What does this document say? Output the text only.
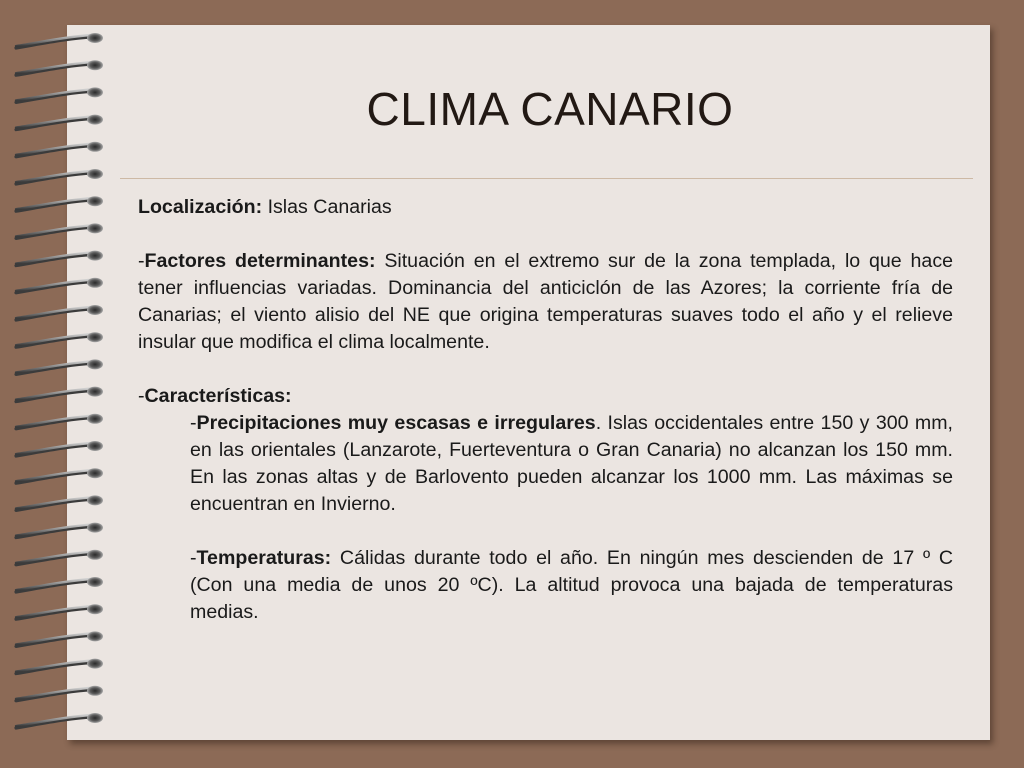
CLIMA CANARIO

Localización: Islas Canarias

-Factores determinantes: Situación en el extremo sur de la zona templada, lo que hace tener influencias variadas. Dominancia del anticiclón de las Azores; la corriente fría de Canarias; el viento alisio del NE que origina temperaturas suaves todo el año y el relieve insular que modifica el clima localmente.

-Características:

-Precipitaciones muy escasas e irregulares. Islas occidentales entre 150 y 300 mm, en las orientales (Lanzarote, Fuerteventura o Gran Canaria) no alcanzan los 150 mm. En las zonas altas y de Barlovento pueden alcanzar los 1000 mm. Las máximas se encuentran en Invierno.

-Temperaturas: Cálidas durante todo el año. En ningún mes descienden de 17 º C (Con una media de unos 20 ºC). La altitud provoca una bajada de temperaturas medias.
